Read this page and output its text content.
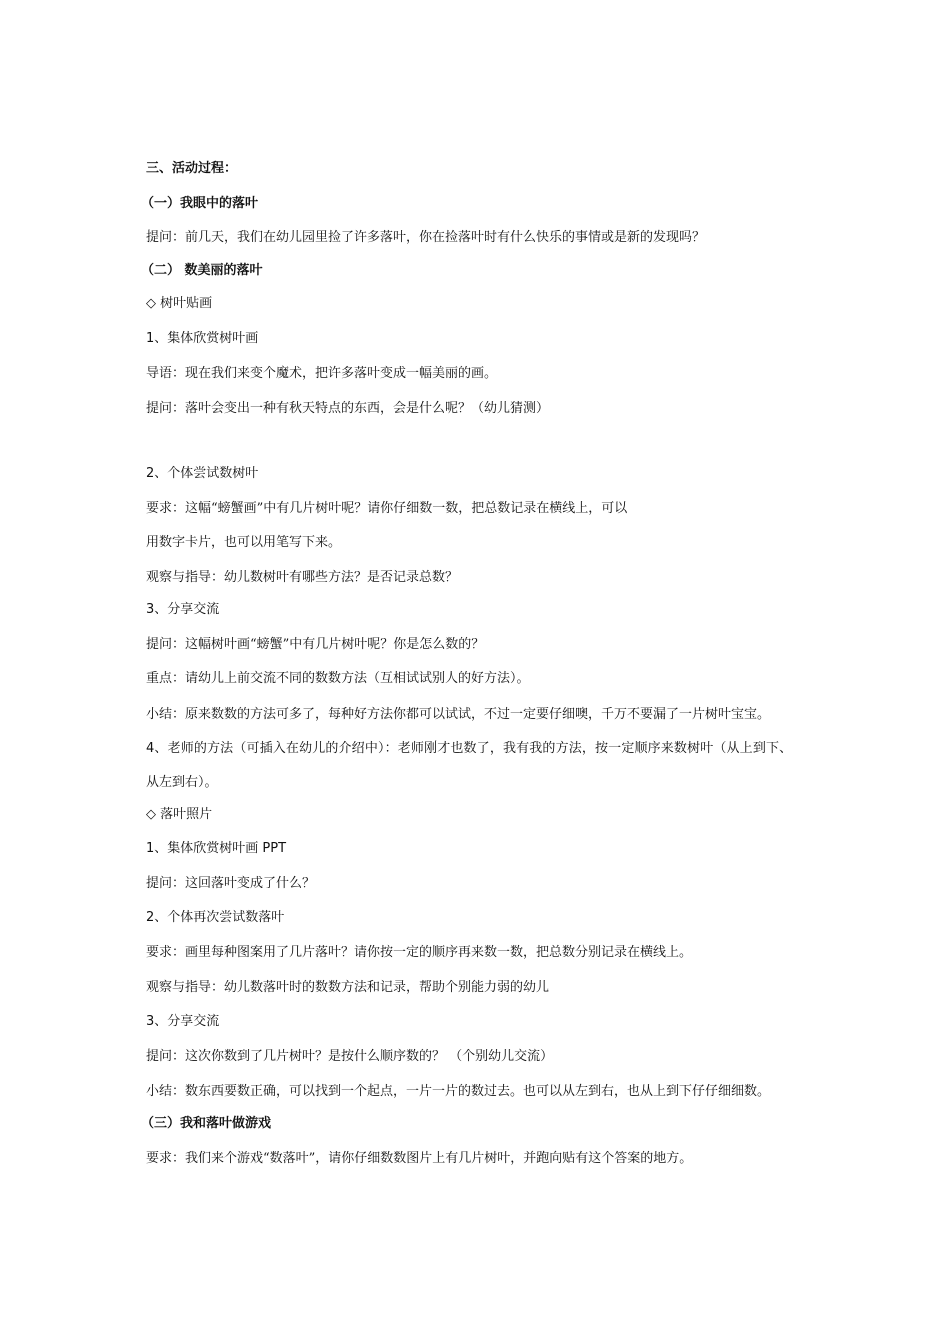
三、活动过程：
（一）我眼中的落叶
提问：前几天，我们在幼儿园里捡了许多落叶，你在捡落叶时有什么快乐的事情或是新的发现吗？
（二） 数美丽的落叶
◇ 树叶贴画
1、集体欣赏树叶画
导语：现在我们来变个魔术，把许多落叶变成一幅美丽的画。
提问：落叶会变出一种有秋天特点的东西，会是什么呢？（幼儿猜测）
2、个体尝试数树叶
要求：这幅“螃蟹画”中有几片树叶呢？请你仔细数一数，把总数记录在横线上，可以
用数字卡片，也可以用笔写下来。
观察与指导：幼儿数树叶有哪些方法？是否记录总数？
3、分享交流
提问：这幅树叶画“螃蟹”中有几片树叶呢？你是怎么数的？
重点：请幼儿上前交流不同的数数方法（互相试试别人的好方法）。
小结：原来数数的方法可多了，每种好方法你都可以试试，不过一定要仔细噢，千万不要漏了一片树叶宝宝。
4、老师的方法（可插入在幼儿的介绍中）：老师刚才也数了，我有我的方法，按一定顺序来数树叶（从上到下、
从左到右）。
◇ 落叶照片
1、集体欣赏树叶画 PPT
提问：这回落叶变成了什么？
2、个体再次尝试数落叶
要求：画里每种图案用了几片落叶？请你按一定的顺序再来数一数，把总数分别记录在横线上。
观察与指导：幼儿数落叶时的数数方法和记录，帮助个别能力弱的幼儿
3、分享交流
提问：这次你数到了几片树叶？是按什么顺序数的？ （个别幼儿交流）
小结：数东西要数正确，可以找到一个起点，一片一片的数过去。也可以从左到右，也从上到下仔仔细细数。
（三）我和落叶做游戏
要求：我们来个游戏“数落叶”，请你仔细数数图片上有几片树叶，并跑向贴有这个答案的地方。
